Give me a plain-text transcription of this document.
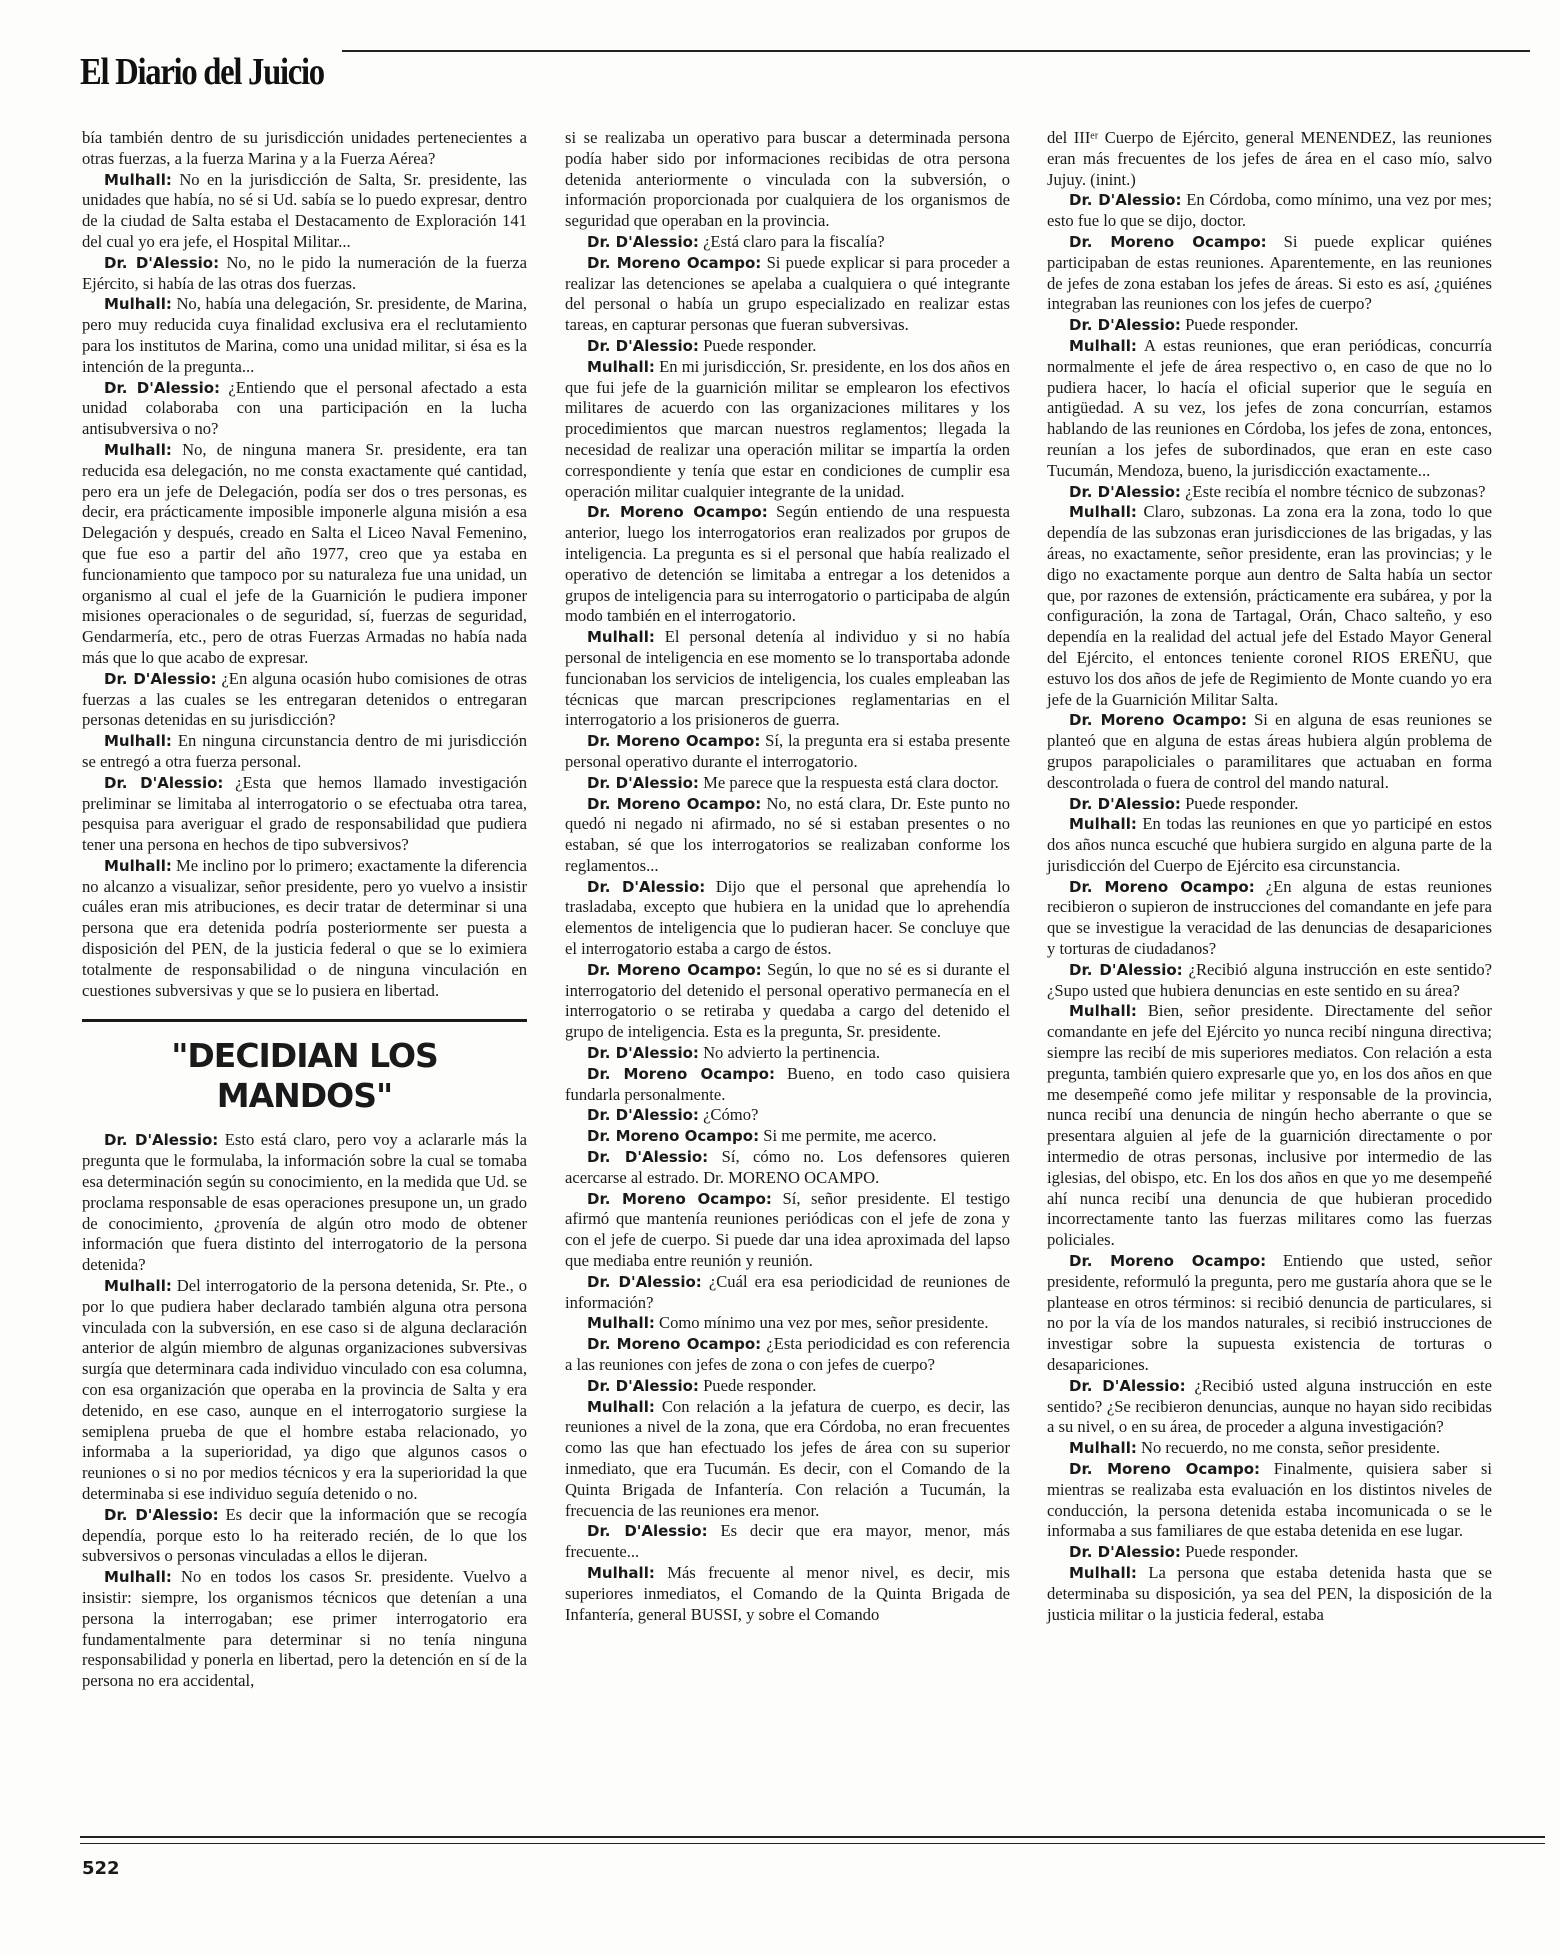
El Diario del Juicio

bía también dentro de su jurisdicción unidades pertenecientes a otras fuerzas, a la fuerza Marina y a la Fuerza Aérea?

Mulhall: No en la jurisdicción de Salta, Sr. presidente, las unidades que había, no sé si Ud. sabía se lo puedo expresar, dentro de la ciudad de Salta estaba el Destacamento de Exploración 141 del cual yo era jefe, el Hospital Militar...

Dr. D'Alessio: No, no le pido la numeración de la fuerza Ejército, si había de las otras dos fuerzas.

Mulhall: No, había una delegación, Sr. presidente, de Marina, pero muy reducida cuya finalidad exclusiva era el reclutamiento para los institutos de Marina, como una unidad militar, si ésa es la intención de la pregunta...

Dr. D'Alessio: ¿Entiendo que el personal afectado a esta unidad colaboraba con una participación en la lucha antisubversiva o no?

Mulhall: No, de ninguna manera Sr. presidente, era tan reducida esa delegación, no me consta exactamente qué cantidad, pero era un jefe de Delegación, podía ser dos o tres personas, es decir, era prácticamente imposible imponerle alguna misión a esa Delegación y después, creado en Salta el Liceo Naval Femenino, que fue eso a partir del año 1977, creo que ya estaba en funcionamiento que tampoco por su naturaleza fue una unidad, un organismo al cual el jefe de la Guarnición le pudiera imponer misiones operacionales o de seguridad, sí, fuerzas de seguridad, Gendarmería, etc., pero de otras Fuerzas Armadas no había nada más que lo que acabo de expresar.

Dr. D'Alessio: ¿En alguna ocasión hubo comisiones de otras fuerzas a las cuales se les entregaran detenidos o entregaran personas detenidas en su jurisdicción?

Mulhall: En ninguna circunstancia dentro de mi jurisdicción se entregó a otra fuerza personal.

Dr. D'Alessio: ¿Esta que hemos llamado investigación preliminar se limitaba al interrogatorio o se efectuaba otra tarea, pesquisa para averiguar el grado de responsabilidad que pudiera tener una persona en hechos de tipo subversivos?

Mulhall: Me inclino por lo primero; exactamente la diferencia no alcanzo a visualizar, señor presidente, pero yo vuelvo a insistir cuáles eran mis atribuciones, es decir tratar de determinar si una persona que era detenida podría posteriormente ser puesta a disposición del PEN, de la justicia federal o que se lo eximiera totalmente de responsabilidad o de ninguna vinculación en cuestiones subversivas y que se lo pusiera en libertad.

"DECIDIAN LOS MANDOS"

Dr. D'Alessio: Esto está claro, pero voy a aclararle más la pregunta que le formulaba, la información sobre la cual se tomaba esa determinación según su conocimiento, en la medida que Ud. se proclama responsable de esas operaciones presupone un, un grado de conocimiento, ¿provenía de algún otro modo de obtener información que fuera distinto del interrogatorio de la persona detenida?

Mulhall: Del interrogatorio de la persona detenida, Sr. Pte., o por lo que pudiera haber declarado también alguna otra persona vinculada con la subversión, en ese caso si de alguna declaración anterior de algún miembro de algunas organizaciones subversivas surgía que determinara cada individuo vinculado con esa columna, con esa organización que operaba en la provincia de Salta y era detenido, en ese caso, aunque en el interrogatorio surgiese la semiplena prueba de que el hombre estaba relacionado, yo informaba a la superioridad, ya digo que algunos casos o reuniones o si no por medios técnicos y era la superioridad la que determinaba si ese individuo seguía detenido o no.

Dr. D'Alessio: Es decir que la información que se recogía dependía, porque esto lo ha reiterado recién, de lo que los subversivos o personas vinculadas a ellos le dijeran.

Mulhall: No en todos los casos Sr. presidente. Vuelvo a insistir: siempre, los organismos técnicos que detenían a una persona la interrogaban; ese primer interrogatorio era fundamentalmente para determinar si no tenía ninguna responsabilidad y ponerla en libertad, pero la detención en sí de la persona no era accidental,

si se realizaba un operativo para buscar a determinada persona podía haber sido por informaciones recibidas de otra persona detenida anteriormente o vinculada con la subversión, o información proporcionada por cualquiera de los organismos de seguridad que operaban en la provincia.

Dr. D'Alessio: ¿Está claro para la fiscalía?

Dr. Moreno Ocampo: Si puede explicar si para proceder a realizar las detenciones se apelaba a cualquiera o qué integrante del personal o había un grupo especializado en realizar estas tareas, en capturar personas que fueran subversivas.

Dr. D'Alessio: Puede responder.

Mulhall: En mi jurisdicción, Sr. presidente, en los dos años en que fui jefe de la guarnición militar se emplearon los efectivos militares de acuerdo con las organizaciones militares y los procedimientos que marcan nuestros reglamentos; llegada la necesidad de realizar una operación militar se impartía la orden correspondiente y tenía que estar en condiciones de cumplir esa operación militar cualquier integrante de la unidad.

Dr. Moreno Ocampo: Según entiendo de una respuesta anterior, luego los interrogatorios eran realizados por grupos de inteligencia. La pregunta es si el personal que había realizado el operativo de detención se limitaba a entregar a los detenidos a grupos de inteligencia para su interrogatorio o participaba de algún modo también en el interrogatorio.

Mulhall: El personal detenía al individuo y si no había personal de inteligencia en ese momento se lo transportaba adonde funcionaban los servicios de inteligencia, los cuales empleaban las técnicas que marcan prescripciones reglamentarias en el interrogatorio a los prisioneros de guerra.

Dr. Moreno Ocampo: Sí, la pregunta era si estaba presente personal operativo durante el interrogatorio.

Dr. D'Alessio: Me parece que la respuesta está clara doctor.

Dr. Moreno Ocampo: No, no está clara, Dr. Este punto no quedó ni negado ni afirmado, no sé si estaban presentes o no estaban, sé que los interrogatorios se realizaban conforme los reglamentos...

Dr. D'Alessio: Dijo que el personal que aprehendía lo trasladaba, excepto que hubiera en la unidad que lo aprehendía elementos de inteligencia que lo pudieran hacer. Se concluye que el interrogatorio estaba a cargo de éstos.

Dr. Moreno Ocampo: Según, lo que no sé es si durante el interrogatorio del detenido el personal operativo permanecía en el interrogatorio o se retiraba y quedaba a cargo del detenido el grupo de inteligencia. Esta es la pregunta, Sr. presidente.

Dr. D'Alessio: No advierto la pertinencia.

Dr. Moreno Ocampo: Bueno, en todo caso quisiera fundarla personalmente.

Dr. D'Alessio: ¿Cómo?

Dr. Moreno Ocampo: Si me permite, me acerco.

Dr. D'Alessio: Sí, cómo no. Los defensores quieren acercarse al estrado. Dr. MORENO OCAMPO.

Dr. Moreno Ocampo: Sí, señor presidente. El testigo afirmó que mantenía reuniones periódicas con el jefe de zona y con el jefe de cuerpo. Si puede dar una idea aproximada del lapso que mediaba entre reunión y reunión.

Dr. D'Alessio: ¿Cuál era esa periodicidad de reuniones de información?

Mulhall: Como mínimo una vez por mes, señor presidente.

Dr. Moreno Ocampo: ¿Esta periodicidad es con referencia a las reuniones con jefes de zona o con jefes de cuerpo?

Dr. D'Alessio: Puede responder.

Mulhall: Con relación a la jefatura de cuerpo, es decir, las reuniones a nivel de la zona, que era Córdoba, no eran frecuentes como las que han efectuado los jefes de área con su superior inmediato, que era Tucumán. Es decir, con el Comando de la Quinta Brigada de Infantería. Con relación a Tucumán, la frecuencia de las reuniones era menor.

Dr. D'Alessio: Es decir que era mayor, menor, más frecuente...

Mulhall: Más frecuente al menor nivel, es decir, mis superiores inmediatos, el Comando de la Quinta Brigada de Infantería, general BUSSI, y sobre el Comando

del IIIᵉʳ Cuerpo de Ejército, general MENENDEZ, las reuniones eran más frecuentes de los jefes de área en el caso mío, salvo Jujuy. (inint.)

Dr. D'Alessio: En Córdoba, como mínimo, una vez por mes; esto fue lo que se dijo, doctor.

Dr. Moreno Ocampo: Si puede explicar quiénes participaban de estas reuniones. Aparentemente, en las reuniones de jefes de zona estaban los jefes de áreas. Si esto es así, ¿quiénes integraban las reuniones con los jefes de cuerpo?

Dr. D'Alessio: Puede responder.

Mulhall: A estas reuniones, que eran periódicas, concurría normalmente el jefe de área respectivo o, en caso de que no lo pudiera hacer, lo hacía el oficial superior que le seguía en antigüedad. A su vez, los jefes de zona concurrían, estamos hablando de las reuniones en Córdoba, los jefes de zona, entonces, reunían a los jefes de subordinados, que eran en este caso Tucumán, Mendoza, bueno, la jurisdicción exactamente...

Dr. D'Alessio: ¿Este recibía el nombre técnico de subzonas?

Mulhall: Claro, subzonas. La zona era la zona, todo lo que dependía de las subzonas eran jurisdicciones de las brigadas, y las áreas, no exactamente, señor presidente, eran las provincias; y le digo no exactamente porque aun dentro de Salta había un sector que, por razones de extensión, prácticamente era subárea, y por la configuración, la zona de Tartagal, Orán, Chaco salteño, y eso dependía en la realidad del actual jefe del Estado Mayor General del Ejército, el entonces teniente coronel RIOS EREÑU, que estuvo los dos años de jefe de Regimiento de Monte cuando yo era jefe de la Guarnición Militar Salta.

Dr. Moreno Ocampo: Si en alguna de esas reuniones se planteó que en alguna de estas áreas hubiera algún problema de grupos parapoliciales o paramilitares que actuaban en forma descontrolada o fuera de control del mando natural.

Dr. D'Alessio: Puede responder.

Mulhall: En todas las reuniones en que yo participé en estos dos años nunca escuché que hubiera surgido en alguna parte de la jurisdicción del Cuerpo de Ejército esa circunstancia.

Dr. Moreno Ocampo: ¿En alguna de estas reuniones recibieron o supieron de instrucciones del comandante en jefe para que se investigue la veracidad de las denuncias de desapariciones y torturas de ciudadanos?

Dr. D'Alessio: ¿Recibió alguna instrucción en este sentido? ¿Supo usted que hubiera denuncias en este sentido en su área?

Mulhall: Bien, señor presidente. Directamente del señor comandante en jefe del Ejército yo nunca recibí ninguna directiva; siempre las recibí de mis superiores mediatos. Con relación a esta pregunta, también quiero expresarle que yo, en los dos años en que me desempeñé como jefe militar y responsable de la provincia, nunca recibí una denuncia de ningún hecho aberrante o que se presentara alguien al jefe de la guarnición directamente o por intermedio de otras personas, inclusive por intermedio de las iglesias, del obispo, etc. En los dos años en que yo me desempeñé ahí nunca recibí una denuncia de que hubieran procedido incorrectamente tanto las fuerzas militares como las fuerzas policiales.

Dr. Moreno Ocampo: Entiendo que usted, señor presidente, reformuló la pregunta, pero me gustaría ahora que se le plantease en otros términos: si recibió denuncia de particulares, si no por la vía de los mandos naturales, si recibió instrucciones de investigar sobre la supuesta existencia de torturas o desapariciones.

Dr. D'Alessio: ¿Recibió usted alguna instrucción en este sentido? ¿Se recibieron denuncias, aunque no hayan sido recibidas a su nivel, o en su área, de proceder a alguna investigación?

Mulhall: No recuerdo, no me consta, señor presidente.

Dr. Moreno Ocampo: Finalmente, quisiera saber si mientras se realizaba esta evaluación en los distintos niveles de conducción, la persona detenida estaba incomunicada o se le informaba a sus familiares de que estaba detenida en ese lugar.

Dr. D'Alessio: Puede responder.

Mulhall: La persona que estaba detenida hasta que se determinaba su disposición, ya sea del PEN, la disposición de la justicia militar o la justicia federal, estaba

522
